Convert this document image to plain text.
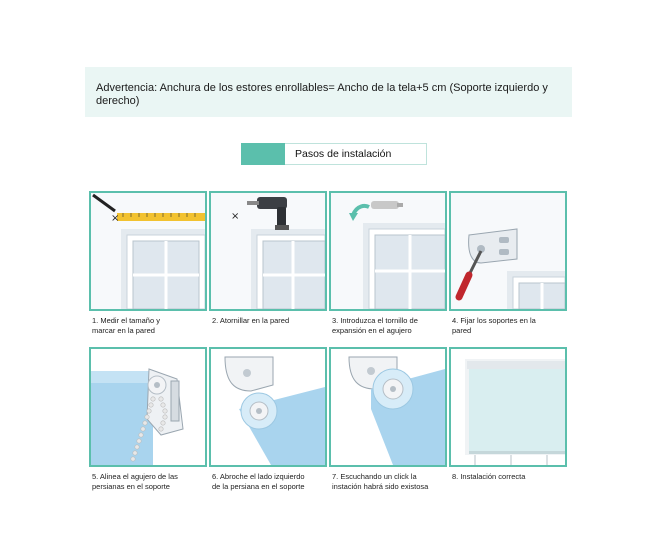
Advertencia: Anchura de los estores enrollables= Ancho de la tela+5 cm (Soporte izquierdo y
derecho)
Pasos de instalación
×
1. Medir el tamaño y
marcar en la pared
×
2. Atornillar en la pared	3. Introduzca el tornillo de
expansión en el agujero
4. Fijar los soportes en la
pared
5. Alinea el agujero de las
persianas en el soporte
6. Abroche el lado izquierdo
de la persiana en el soporte
7. Escuchando un click la
instación habrá sido existosa
8. Instalación correcta
